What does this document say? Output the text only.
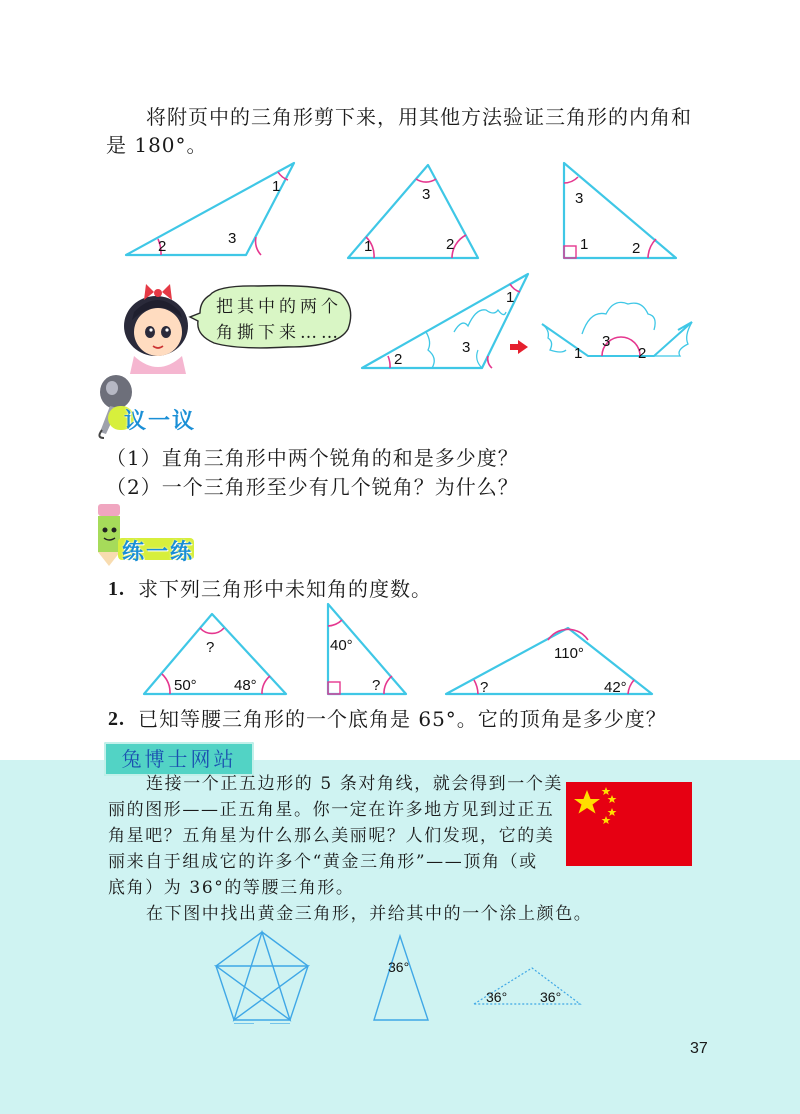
将附页中的三角形剪下来，用其他方法验证三角形的内角和
是 180°。
1
2	3	1	2
3	3
1	2
把其中的两个
角撕下来……
1
2
3	1
3
2
议一议
（1）直角三角形中两个锐角的和是多少度？
（2）一个三角形至少有几个锐角？为什么？
练一练
1. 求下列三角形中未知角的度数。
?
50° 48°
40°
?
110°
?	42°
2. 已知等腰三角形的一个底角是 65°。它的顶角是多少度？
兔博士网站
连接一个正五边形的 5 条对角线，就会得到一个美
丽的图形——正五角星。你一定在许多地方见到过正五
角星吧？五角星为什么那么美丽呢？人们发现，它的美
丽来自于组成它的许多个“黄金三角形”——顶角（或
底角）为 36°的等腰三角形。
在下图中找出黄金三角形，并给其中的一个涂上颜色。
36°
36° 36°
37
